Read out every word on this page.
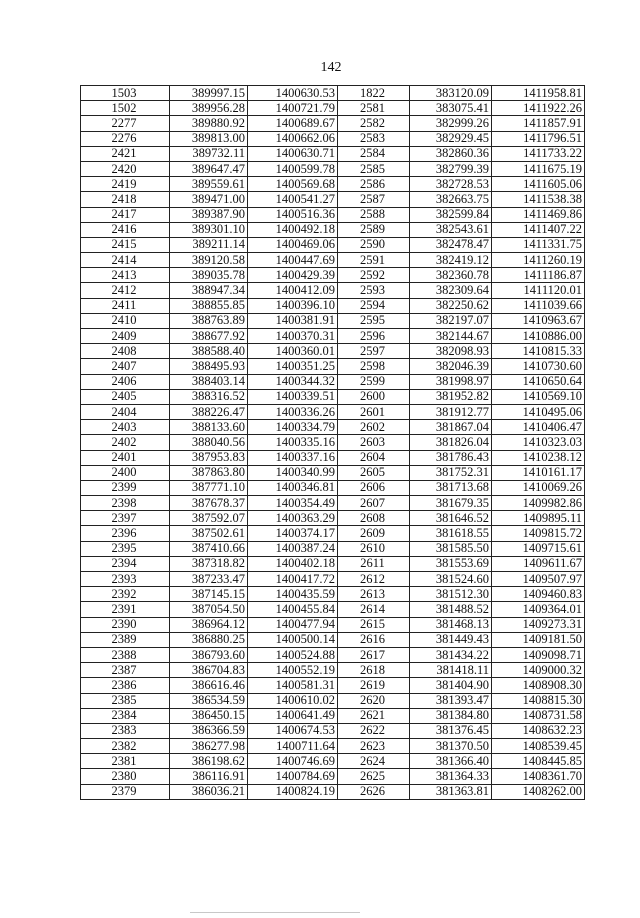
142
1503	389997.15	1400630.53	1822	383120.09	1411958.81
1502	389956.28	1400721.79	2581	383075.41	1411922.26
2277	389880.92	1400689.67	2582	382999.26	1411857.91
2276	389813.00	1400662.06	2583	382929.45	1411796.51
2421	389732.11	1400630.71	2584	382860.36	1411733.22
2420	389647.47	1400599.78	2585	382799.39	1411675.19
2419	389559.61	1400569.68	2586	382728.53	1411605.06
2418	389471.00	1400541.27	2587	382663.75	1411538.38
2417	389387.90	1400516.36	2588	382599.84	1411469.86
2416	389301.10	1400492.18	2589	382543.61	1411407.22
2415	389211.14	1400469.06	2590	382478.47	1411331.75
2414	389120.58	1400447.69	2591	382419.12	1411260.19
2413	389035.78	1400429.39	2592	382360.78	1411186.87
2412	388947.34	1400412.09	2593	382309.64	1411120.01
2411	388855.85	1400396.10	2594	382250.62	1411039.66
2410	388763.89	1400381.91	2595	382197.07	1410963.67
2409	388677.92	1400370.31	2596	382144.67	1410886.00
2408	388588.40	1400360.01	2597	382098.93	1410815.33
2407	388495.93	1400351.25	2598	382046.39	1410730.60
2406	388403.14	1400344.32	2599	381998.97	1410650.64
2405	388316.52	1400339.51	2600	381952.82	1410569.10
2404	388226.47	1400336.26	2601	381912.77	1410495.06
2403	388133.60	1400334.79	2602	381867.04	1410406.47
2402	388040.56	1400335.16	2603	381826.04	1410323.03
2401	387953.83	1400337.16	2604	381786.43	1410238.12
2400	387863.80	1400340.99	2605	381752.31	1410161.17
2399	387771.10	1400346.81	2606	381713.68	1410069.26
2398	387678.37	1400354.49	2607	381679.35	1409982.86
2397	387592.07	1400363.29	2608	381646.52	1409895.11
2396	387502.61	1400374.17	2609	381618.55	1409815.72
2395	387410.66	1400387.24	2610	381585.50	1409715.61
2394	387318.82	1400402.18	2611	381553.69	1409611.67
2393	387233.47	1400417.72	2612	381524.60	1409507.97
2392	387145.15	1400435.59	2613	381512.30	1409460.83
2391	387054.50	1400455.84	2614	381488.52	1409364.01
2390	386964.12	1400477.94	2615	381468.13	1409273.31
2389	386880.25	1400500.14	2616	381449.43	1409181.50
2388	386793.60	1400524.88	2617	381434.22	1409098.71
2387	386704.83	1400552.19	2618	381418.11	1409000.32
2386	386616.46	1400581.31	2619	381404.90	1408908.30
2385	386534.59	1400610.02	2620	381393.47	1408815.30
2384	386450.15	1400641.49	2621	381384.80	1408731.58
2383	386366.59	1400674.53	2622	381376.45	1408632.23
2382	386277.98	1400711.64	2623	381370.50	1408539.45
2381	386198.62	1400746.69	2624	381366.40	1408445.85
2380	386116.91	1400784.69	2625	381364.33	1408361.70
2379	386036.21	1400824.19	2626	381363.81	1408262.00
